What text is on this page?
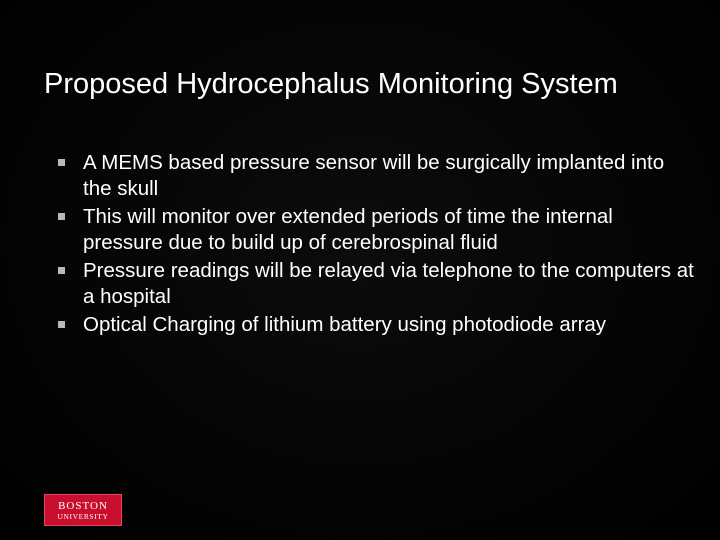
Proposed Hydrocephalus Monitoring System
A MEMS based pressure sensor will be surgically implanted into the skull
This will monitor over extended periods of time the internal pressure due to build up of cerebrospinal fluid
Pressure readings will be relayed via telephone to the computers at a hospital
Optical Charging of lithium battery using photodiode array
BOSTON
UNIVERSITY
